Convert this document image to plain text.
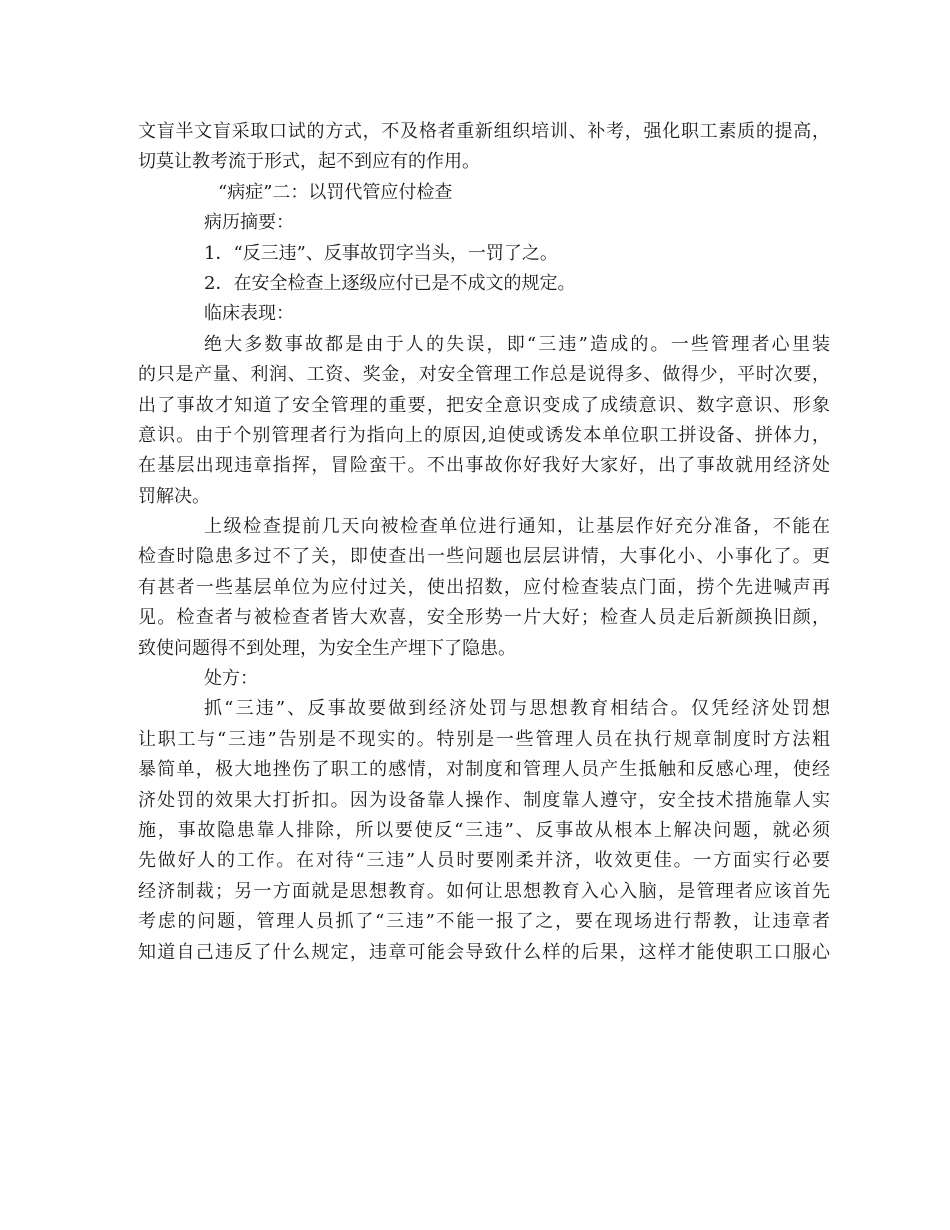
文盲半文盲采取口试的方式，不及格者重新组织培训、补考，强化职工素质的提高，
切莫让教考流于形式，起不到应有的作用。
“病症”二：以罚代管应付检查
病历摘要：
1．“反三违”、反事故罚字当头，一罚了之。
2．在安全检查上逐级应付已是不成文的规定。
临床表现：
绝大多数事故都是由于人的失误，即“三违”造成的。一些管理者心里装
的只是产量、利润、工资、奖金，对安全管理工作总是说得多、做得少，平时次要，
出了事故才知道了安全管理的重要，把安全意识变成了成绩意识、数字意识、形象
意识。由于个别管理者行为指向上的原因,迫使或诱发本单位职工拼设备、拼体力，
在基层出现违章指挥，冒险蛮干。不出事故你好我好大家好，出了事故就用经济处
罚解决。
上级检查提前几天向被检查单位进行通知，让基层作好充分准备，不能在
检查时隐患多过不了关，即使查出一些问题也层层讲情，大事化小、小事化了。更
有甚者一些基层单位为应付过关，使出招数，应付检查装点门面，捞个先进喊声再
见。检查者与被检查者皆大欢喜，安全形势一片大好；检查人员走后新颜换旧颜，
致使问题得不到处理，为安全生产埋下了隐患。
处方：
抓“三违”、反事故要做到经济处罚与思想教育相结合。仅凭经济处罚想
让职工与“三违”告别是不现实的。特别是一些管理人员在执行规章制度时方法粗
暴简单，极大地挫伤了职工的感情，对制度和管理人员产生抵触和反感心理，使经
济处罚的效果大打折扣。因为设备靠人操作、制度靠人遵守，安全技术措施靠人实
施，事故隐患靠人排除，所以要使反“三违”、反事故从根本上解决问题，就必须
先做好人的工作。在对待“三违”人员时要刚柔并济，收效更佳。一方面实行必要
经济制裁；另一方面就是思想教育。如何让思想教育入心入脑，是管理者应该首先
考虑的问题，管理人员抓了“三违”不能一报了之，要在现场进行帮教，让违章者
知道自己违反了什么规定，违章可能会导致什么样的后果，这样才能使职工口服心
